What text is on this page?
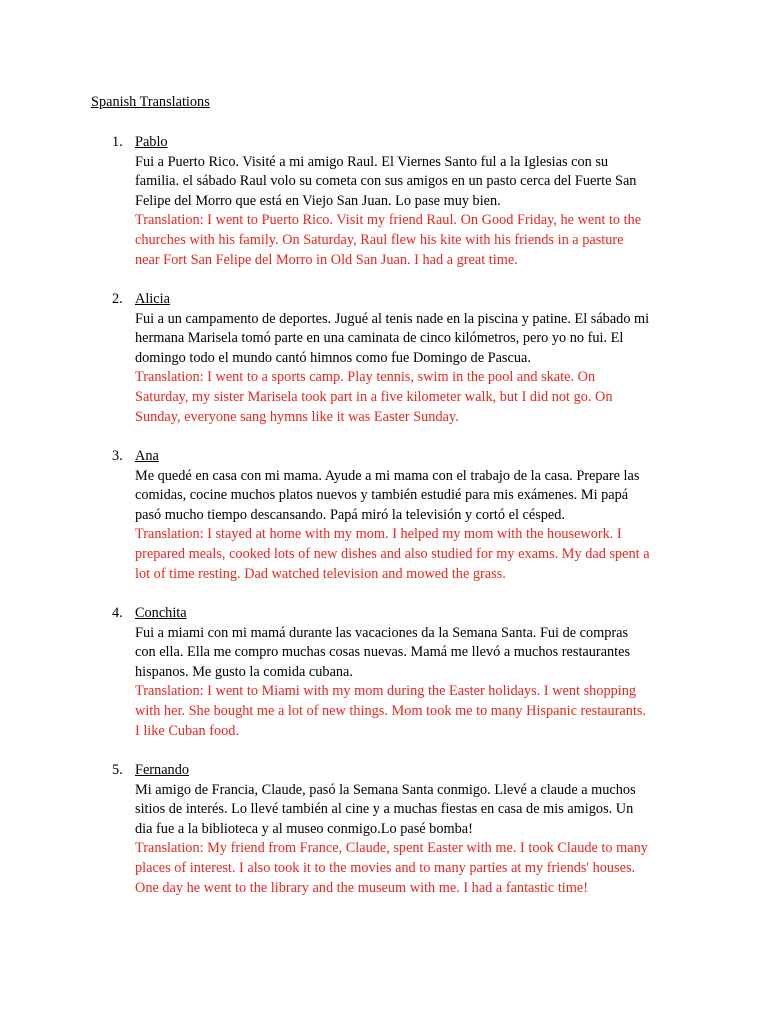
Spanish Translations
1. Pablo
Fui a Puerto Rico. Visité a mi amigo Raul. El Viernes Santo ful a la Iglesias con su
familia. el sábado Raul volo su cometa con sus amigos en un pasto cerca del Fuerte San
Felipe del Morro que está en Viejo San Juan. Lo pase muy bien.
Translation: I went to Puerto Rico. Visit my friend Raul. On Good Friday, he went to the
churches with his family. On Saturday, Raul flew his kite with his friends in a pasture
near Fort San Felipe del Morro in Old San Juan. I had a great time.
2. Alicia
Fui a un campamento de deportes. Jugué al tenis nade en la piscina y patine. El sábado mi
hermana Marisela tomó parte en una caminata de cinco kilómetros, pero yo no fui. El
domingo todo el mundo cantó himnos como fue Domingo de Pascua.
Translation: I went to a sports camp. Play tennis, swim in the pool and skate. On
Saturday, my sister Marisela took part in a five kilometer walk, but I did not go. On
Sunday, everyone sang hymns like it was Easter Sunday.
3. Ana
Me quedé en casa con mi mama. Ayude a mi mama con el trabajo de la casa. Prepare las
comidas, cocine muchos platos nuevos y también estudié para mis exámenes. Mi papá
pasó mucho tiempo descansando. Papá miró la televisión y cortó el césped.
Translation: I stayed at home with my mom. I helped my mom with the housework. I
prepared meals, cooked lots of new dishes and also studied for my exams. My dad spent a
lot of time resting. Dad watched television and mowed the grass.
4. Conchita
Fui a miami con mi mamá durante las vacaciones da la Semana Santa. Fui de compras
con ella. Ella me compro muchas cosas nuevas. Mamá me llevó a muchos restaurantes
hispanos. Me gusto la comida cubana.
Translation: I went to Miami with my mom during the Easter holidays. I went shopping
with her. She bought me a lot of new things. Mom took me to many Hispanic restaurants.
I like Cuban food.
5. Fernando
Mi amigo de Francia, Claude, pasó la Semana Santa conmigo. Llevé a claude a muchos
sitios de interés. Lo llevé también al cine y a muchas fiestas en casa de mis amigos. Un
dia fue a la biblioteca y al museo conmigo.Lo pasé bomba!
Translation: My friend from France, Claude, spent Easter with me. I took Claude to many
places of interest. I also took it to the movies and to many parties at my friends' houses.
One day he went to the library and the museum with me. I had a fantastic time!
